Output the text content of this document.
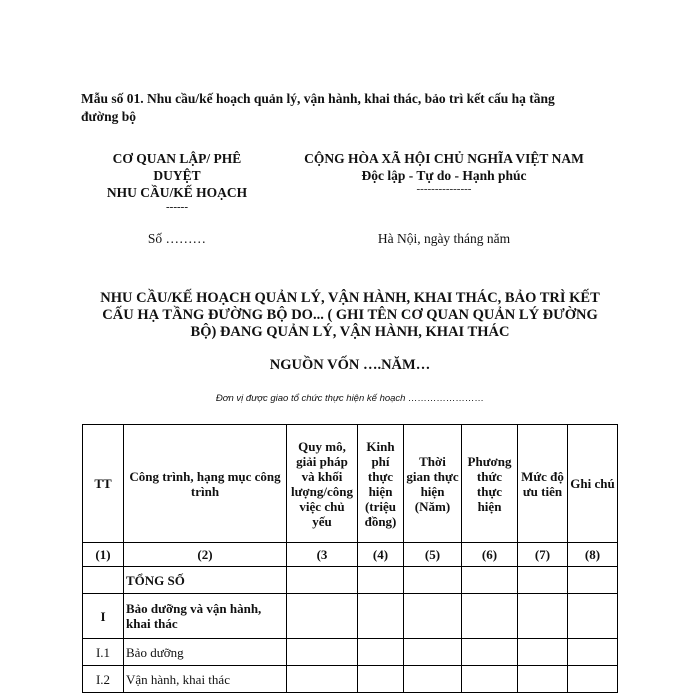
Mẫu số 01. Nhu cầu/kế hoạch quản lý, vận hành, khai thác, bảo trì kết cấu hạ tầng
đường bộ
CƠ QUAN LẬP/ PHÊ
DUYỆT
NHU CẦU/KẾ HOẠCH
------
Số ………
CỘNG HÒA XÃ HỘI CHỦ NGHĨA VIỆT NAM
Độc lập - Tự do - Hạnh phúc
---------------
Hà Nội, ngày tháng năm
NHU CẦU/KẾ HOẠCH QUẢN LÝ, VẬN HÀNH, KHAI THÁC, BẢO TRÌ KẾT
CẤU HẠ TẦNG ĐƯỜNG BỘ DO... ( GHI TÊN CƠ QUAN QUẢN LÝ ĐƯỜNG
BỘ) ĐANG QUẢN LÝ, VẬN HÀNH, KHAI THÁC
NGUỒN VỐN ….NĂM…
Đơn vị được giao tổ chức thực hiện kế hoạch ……………………
TT	Công trình, hạng mục công trình	Quy mô, giải pháp và khối lượng/công việc chủ yếu	Kinh phí thực hiện (triệu đồng)	Thời gian thực hiện (Năm)	Phương thức thực hiện	Mức độ ưu tiên	Ghi chú
(1)	(2)	(3	(4)	(5)	(6)	(7)	(8)
	TỔNG SỐ						
I	Bảo dưỡng và vận hành, khai thác						
I.1	Bảo dưỡng						
I.2	Vận hành, khai thác						
